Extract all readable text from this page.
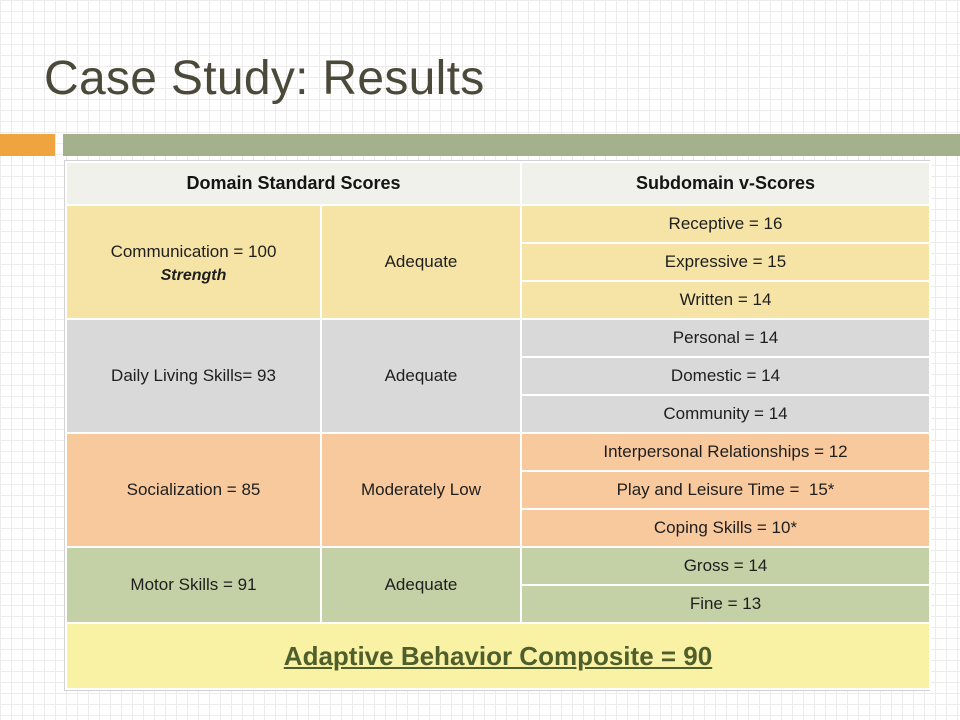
Case Study: Results
Domain Standard Scores		Subdomain v-Scores

Communication = 100
Strength	Adequate	Receptive = 16
		Expressive = 15
		Written = 14
Daily Living Skills= 93	Adequate	Personal = 14
		Domestic = 14
		Community = 14
Socialization = 85	Moderately Low	Interpersonal Relationships = 12
		Play and Leisure Time =  15*
		Coping Skills = 10*
Motor Skills = 91	Adequate	Gross = 14
		Fine = 13
Adaptive Behavior Composite = 90		
